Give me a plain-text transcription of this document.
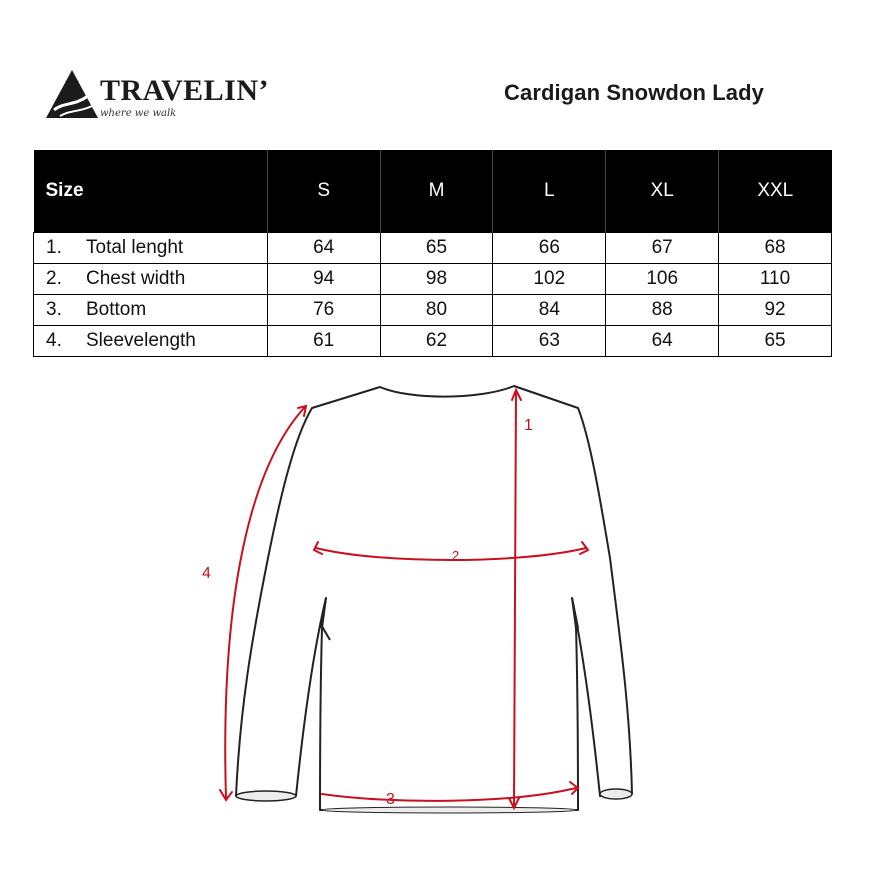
TRAVELIN’
where we walk
Cardigan Snowdon Lady
Size	S	M	L	XL	XXL
1. Total lenght	64	65	66	67	68
2. Chest width	94	98	102	106	110
3. Bottom	76	80	84	88	92
4. Sleevelength	61	62	63	64	65
1
2
3
4
